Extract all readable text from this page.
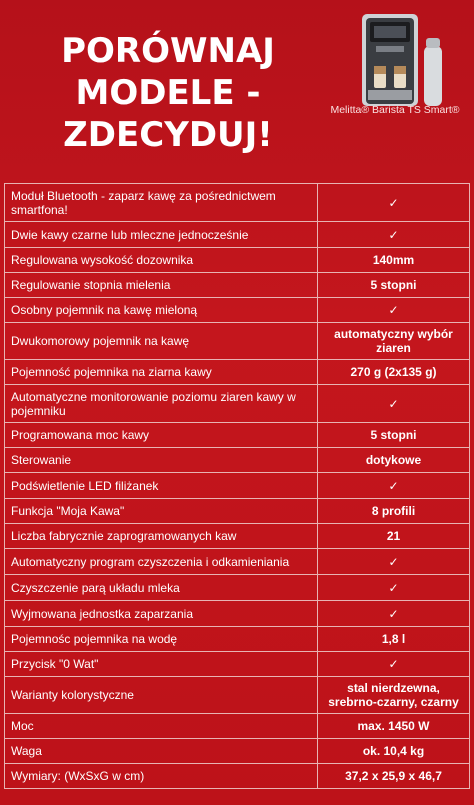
PORÓWNAJ
MODELE -
ZDECYDUJ!
Melitta® Barista TS Smart®
Moduł Bluetooth - zaparz kawę za pośrednictwem smartfona!	✓
Dwie kawy czarne lub mleczne jednocześnie	✓
Regulowana wysokość dozownika	140mm
Regulowanie stopnia mielenia	5 stopni
Osobny pojemnik na kawę mieloną	✓
Dwukomorowy pojemnik na kawę	automatyczny wybór ziaren
Pojemność pojemnika na ziarna kawy	270 g (2x135 g)
Automatyczne monitorowanie poziomu ziaren kawy w pojemniku	✓
Programowana moc kawy	5 stopni
Sterowanie	dotykowe
Podświetlenie LED filiżanek	✓
Funkcja "Moja Kawa"	8 profili
Liczba fabrycznie zaprogramowanych kaw	21
Automatyczny program czyszczenia i odkamieniania	✓
Czyszczenie parą układu mleka	✓
Wyjmowana jednostka zaparzania	✓
Pojemnośc pojemnika na wodę	1,8 l
Przycisk "0 Wat"	✓
Warianty kolorystyczne	stal nierdzewna, srebrno-czarny, czarny
Moc	max. 1450 W
Waga	ok. 10,4 kg
Wymiary: (WxSxG w cm)	37,2 x 25,9 x 46,7
